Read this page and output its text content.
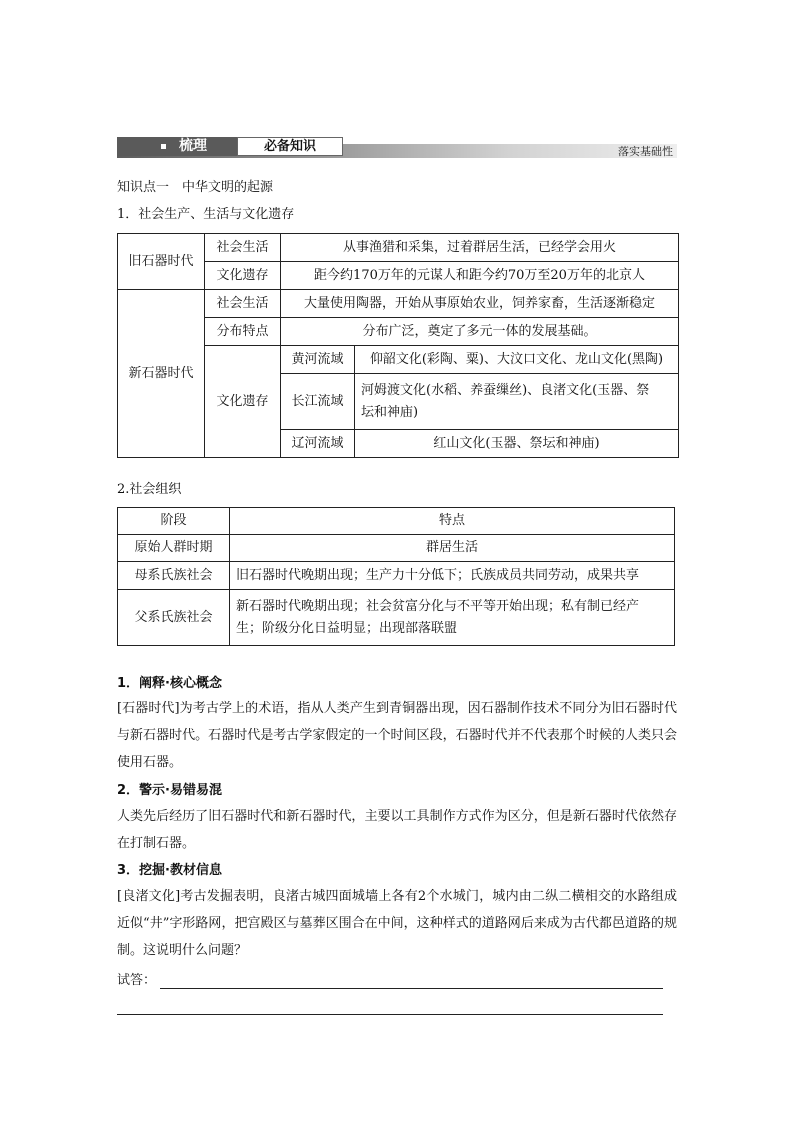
梳理	必备知识	落实基础性
知识点一　中华文明的起源
1．社会生产、生活与文化遗存
旧石器时代	社会生活	从事渔猎和采集，过着群居生活，已经学会用火	
	文化遗存	距今约170万年的元谋人和距今约70万至20万年的北京人	
新石器时代	社会生活	大量使用陶器，开始从事原始农业，饲养家畜，生活逐渐稳定	
	分布特点	分布广泛，奠定了多元一体的发展基础。	
	文化遗存	黄河流域	仰韶文化(彩陶、粟)、大汶口文化、龙山文化(黑陶)
		长江流域	河姆渡文化(水稻、养蚕缫丝)、良渚文化(玉器、祭
坛和神庙)

		辽河流域	红山文化(玉器、祭坛和神庙)
2.社会组织
阶段	特点
原始人群时期	群居生活
母系氏族社会	旧石器时代晚期出现；生产力十分低下；氏族成员共同劳动，成果共享
父系氏族社会	新石器时代晚期出现；社会贫富分化与不平等开始出现；私有制已经产
生；阶级分化日益明显；出现部落联盟
1．阐释·核心概念
[石器时代]为考古学上的术语，指从人类产生到青铜器出现，因石器制作技术不同分为旧石器时代与新石器时代。石器时代是考古学家假定的一个时间区段，石器时代并不代表那个时候的人类只会使用石器。
2．警示·易错易混
人类先后经历了旧石器时代和新石器时代，主要以工具制作方式作为区分，但是新石器时代依然存在打制石器。
3．挖掘·教材信息
[良渚文化]考古发掘表明，良渚古城四面城墙上各有2个水城门，城内由二纵二横相交的水路组成近似“井”字形路网，把宫殿区与墓葬区围合在中间，这种样式的道路网后来成为古代都邑道路的规制。这说明什么问题？
试答：
